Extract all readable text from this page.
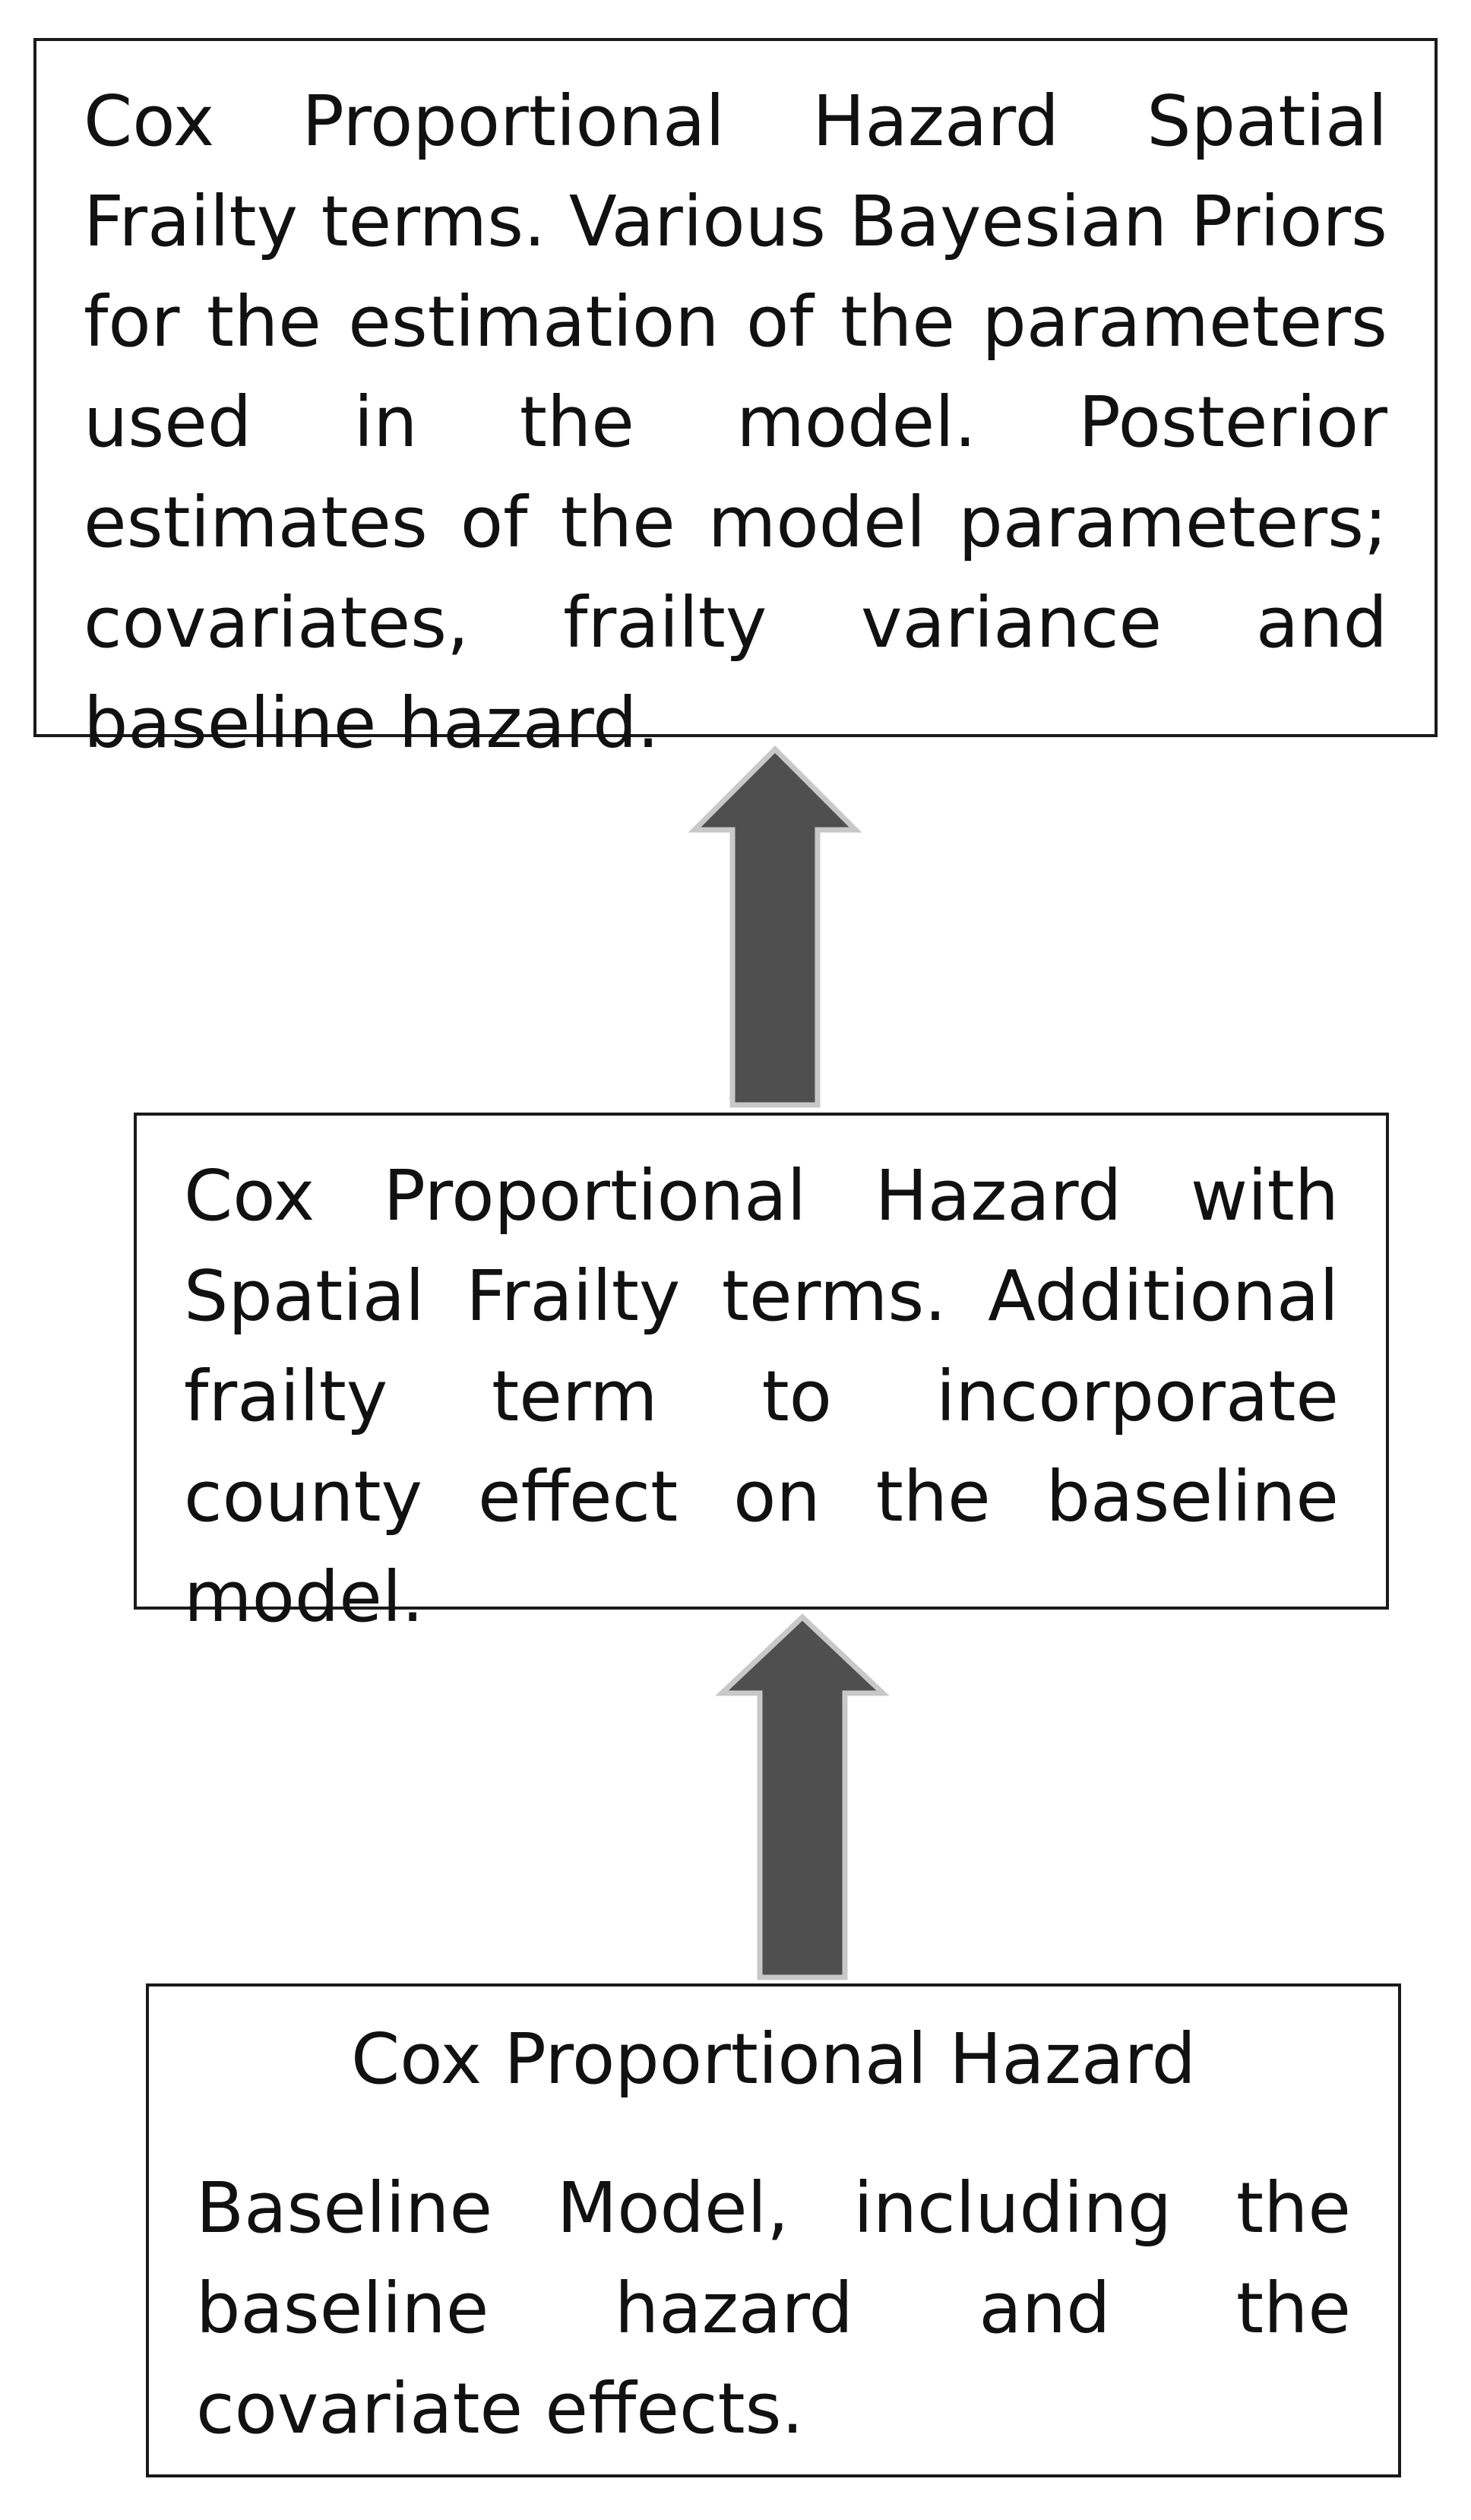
Cox Proportional Hazard Spatial Frailty terms. Various Bayesian Priors for the estimation of the parameters used in the model. Posterior estimates of the model parameters; covariates, frailty variance and baseline hazard.

Cox Proportional Hazard with Spatial Frailty terms. Additional frailty term to incorporate county effect on the baseline model.

Cox Proportional Hazard

Baseline Model, including the baseline hazard and the covariate effects.
